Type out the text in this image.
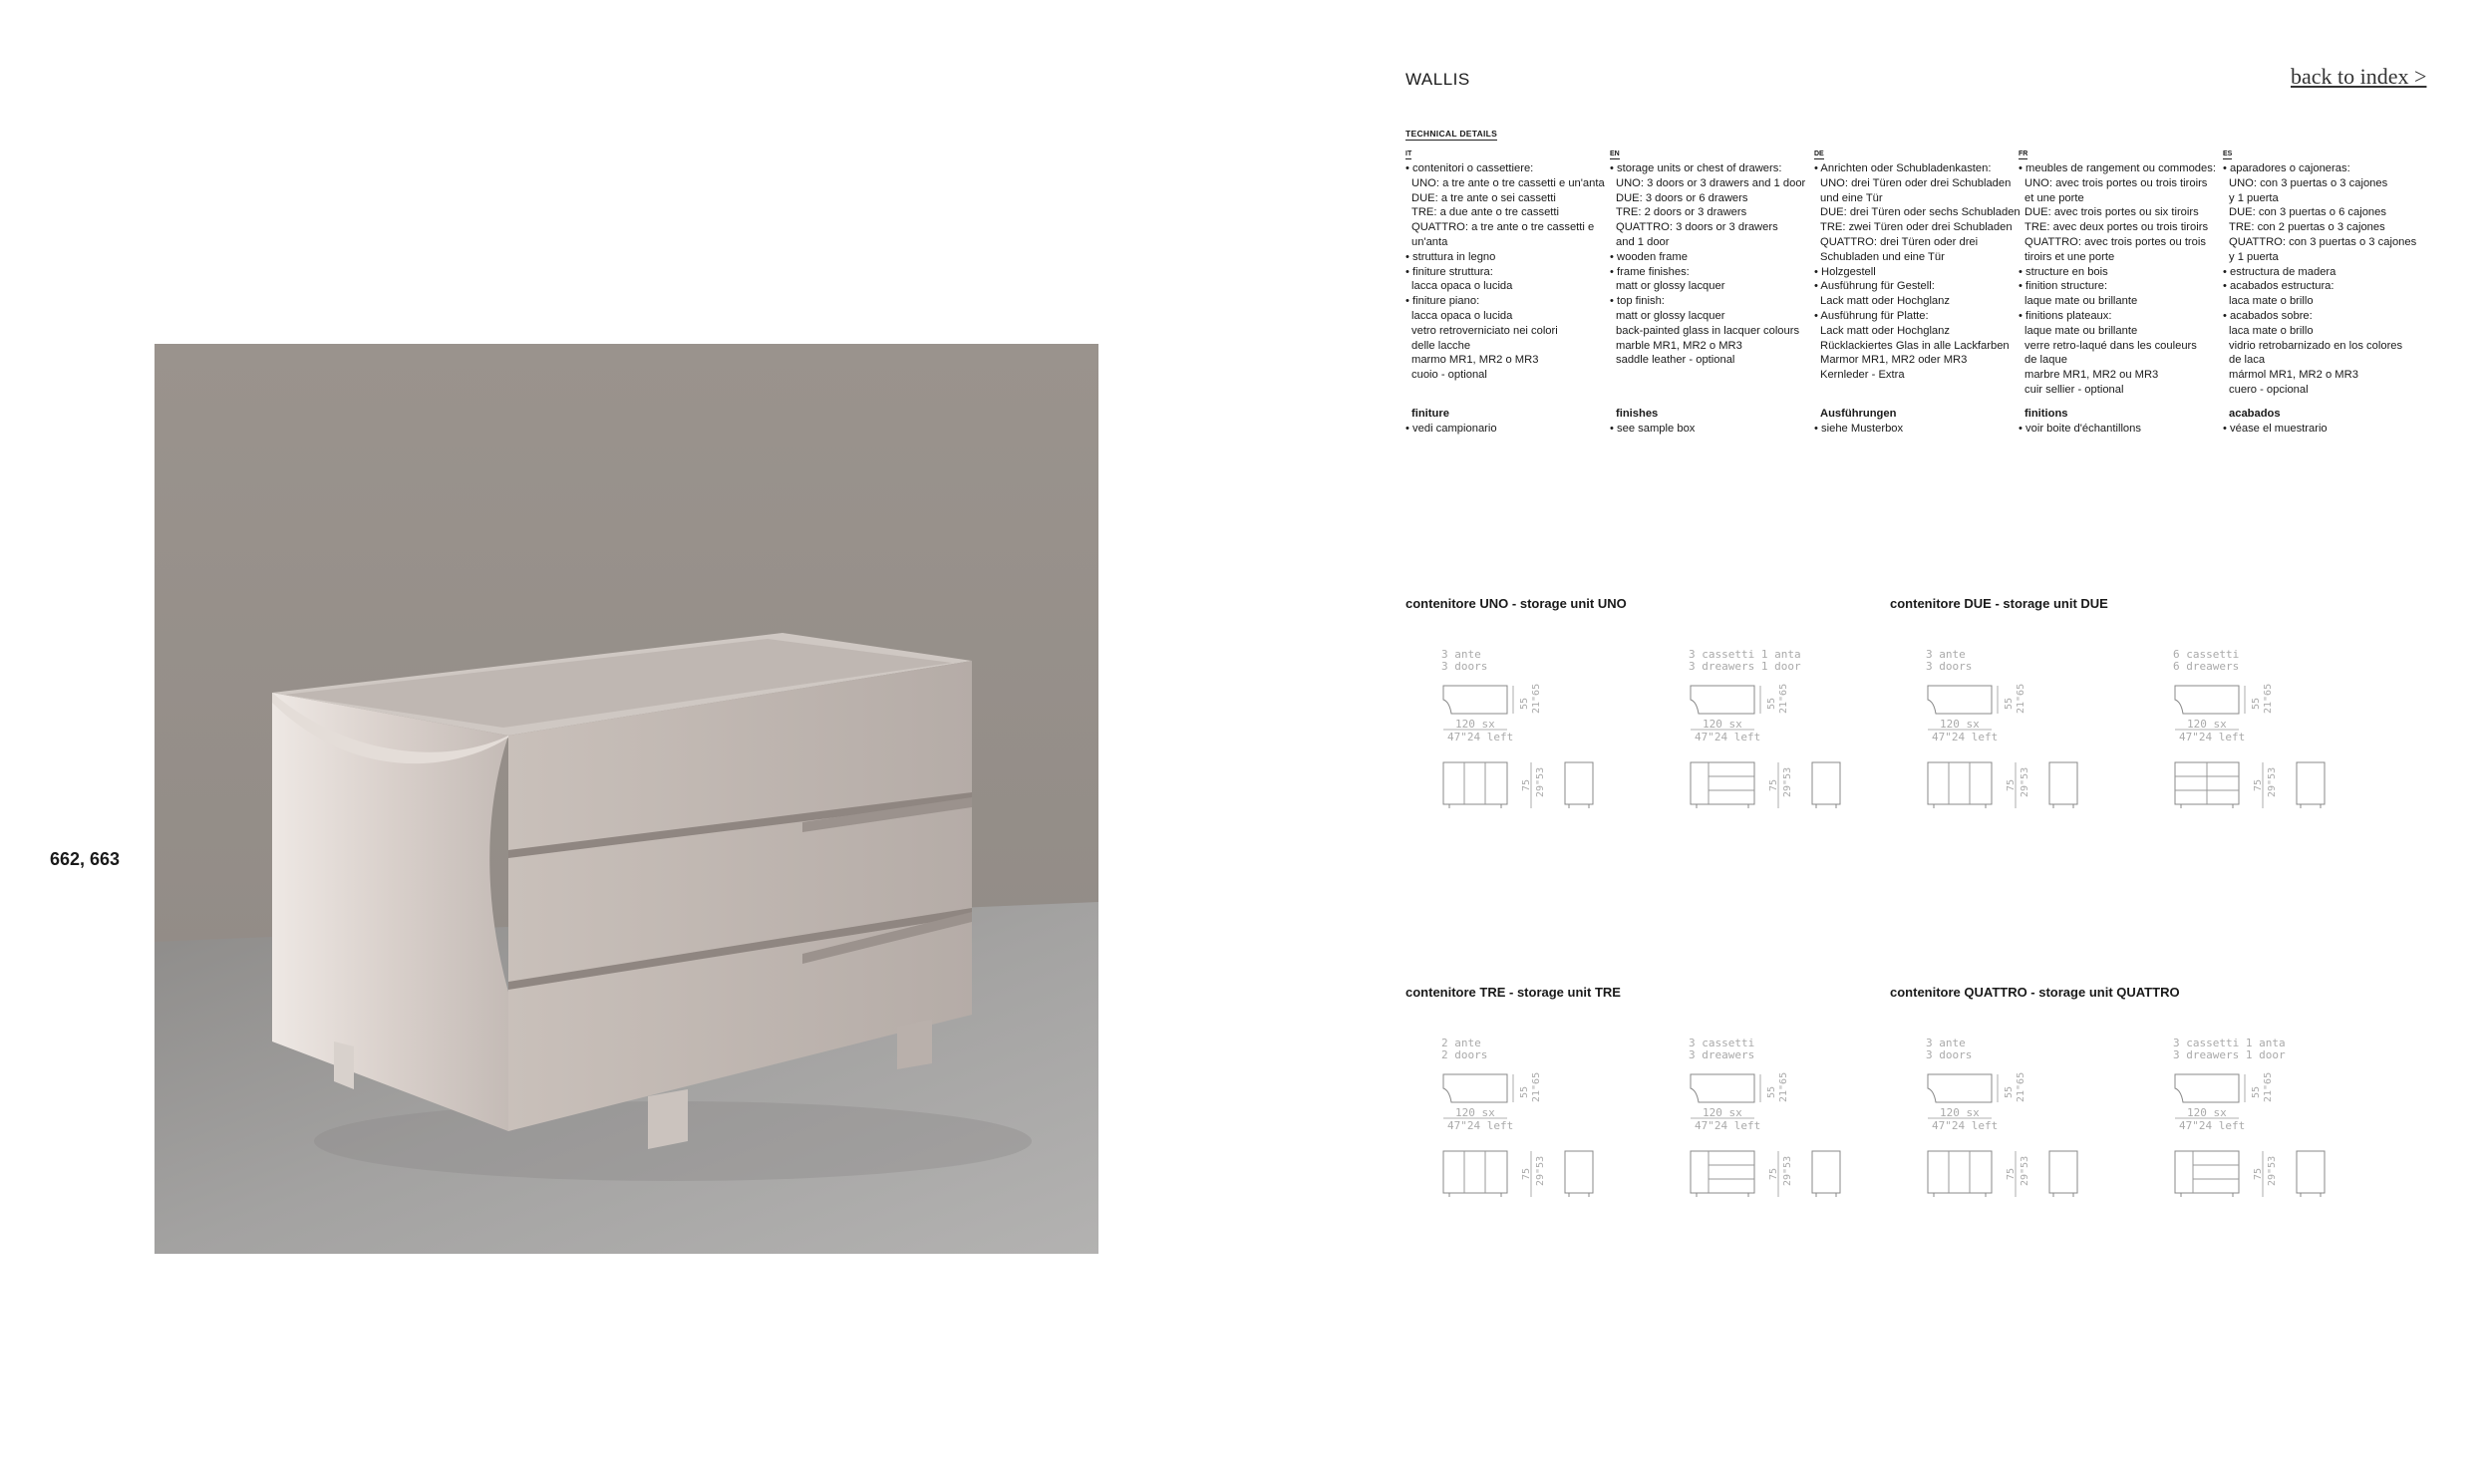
662, 663
WALLIS	back to index >
TECHNICAL DETAILS
IT
• contenitori o cassettiere:
UNO: a tre ante o tre cassetti e un'anta
DUE: a tre ante o sei cassetti
TRE: a due ante o tre cassetti
QUATTRO: a tre ante o tre cassetti e
un'anta
• struttura in legno
• finiture struttura:
lacca opaca o lucida
• finiture piano:
lacca opaca o lucida
vetro retroverniciato nei colori
delle lacche
marmo MR1, MR2 o MR3
cuoio - optional
finiture
• vedi campionario
EN
• storage units or chest of drawers:
UNO: 3 doors or 3 drawers and 1 door
DUE: 3 doors or 6 drawers
TRE: 2 doors or 3 drawers
QUATTRO: 3 doors or 3 drawers
and 1 door
• wooden frame
• frame finishes:
matt or glossy lacquer
• top finish:
matt or glossy lacquer
back-painted glass in lacquer colours
marble MR1, MR2 o MR3
saddle leather - optional
finishes
• see sample box
DE
• Anrichten oder Schubladenkasten:
UNO: drei Türen oder drei Schubladen
und eine Tür
DUE: drei Türen oder sechs Schubladen
TRE: zwei Türen oder drei Schubladen
QUATTRO: drei Türen oder drei
Schubladen und eine Tür
• Holzgestell
• Ausführung für Gestell:
Lack matt oder Hochglanz
• Ausführung für Platte:
Lack matt oder Hochglanz
Rücklackiertes Glas in alle Lackfarben
Marmor MR1, MR2 oder MR3
Kernleder - Extra
Ausführungen
• siehe Musterbox
FR
• meubles de rangement ou commodes:
UNO: avec trois portes ou trois tiroirs
et une porte
DUE: avec trois portes ou six tiroirs
TRE: avec deux portes ou trois tiroirs
QUATTRO: avec trois portes ou trois
tiroirs et une porte
• structure en bois
• finition structure:
laque mate ou brillante
• finitions plateaux:
laque mate ou brillante
verre retro-laqué dans les couleurs
de laque
marbre MR1, MR2 ou MR3
cuir sellier - optional
finitions
• voir boite d'échantillons
ES
• aparadores o cajoneras:
UNO: con 3 puertas o 3 cajones
y 1 puerta
DUE: con 3 puertas o 6 cajones
TRE: con 2 puertas o 3 cajones
QUATTRO: con 3 puertas o 3 cajones
y 1 puerta
• estructura de madera
• acabados estructura:
laca mate o brillo
• acabados sobre:
laca mate o brillo
vidrio retrobarnizado en los colores
de laca
mármol MR1, MR2 o MR3
cuero - opcional
acabados
• véase el muestrario
contenitore UNO - storage unit UNO
3 ante
3 doors
55 21"65
120 sx
47"24 left
75 29"53
3 cassetti 1 anta
3 dreawers 1 door
55 21"65
120 sx
47"24 left
75 29"53
contenitore DUE - storage unit DUE
3 ante
3 doors
55 21"65
120 sx
47"24 left
75 29"53
6 cassetti
6 dreawers
55 21"65
120 sx
47"24 left
75 29"53
contenitore TRE - storage unit TRE
2 ante
2 doors
55 21"65
120 sx
47"24 left
75 29"53
3 cassetti
3 dreawers
55 21"65
120 sx
47"24 left
75 29"53
contenitore QUATTRO - storage unit QUATTRO
3 ante
3 doors
55 21"65
120 sx
47"24 left
75 29"53
3 cassetti 1 anta
3 dreawers 1 door
55 21"65
120 sx
47"24 left
75 29"53
